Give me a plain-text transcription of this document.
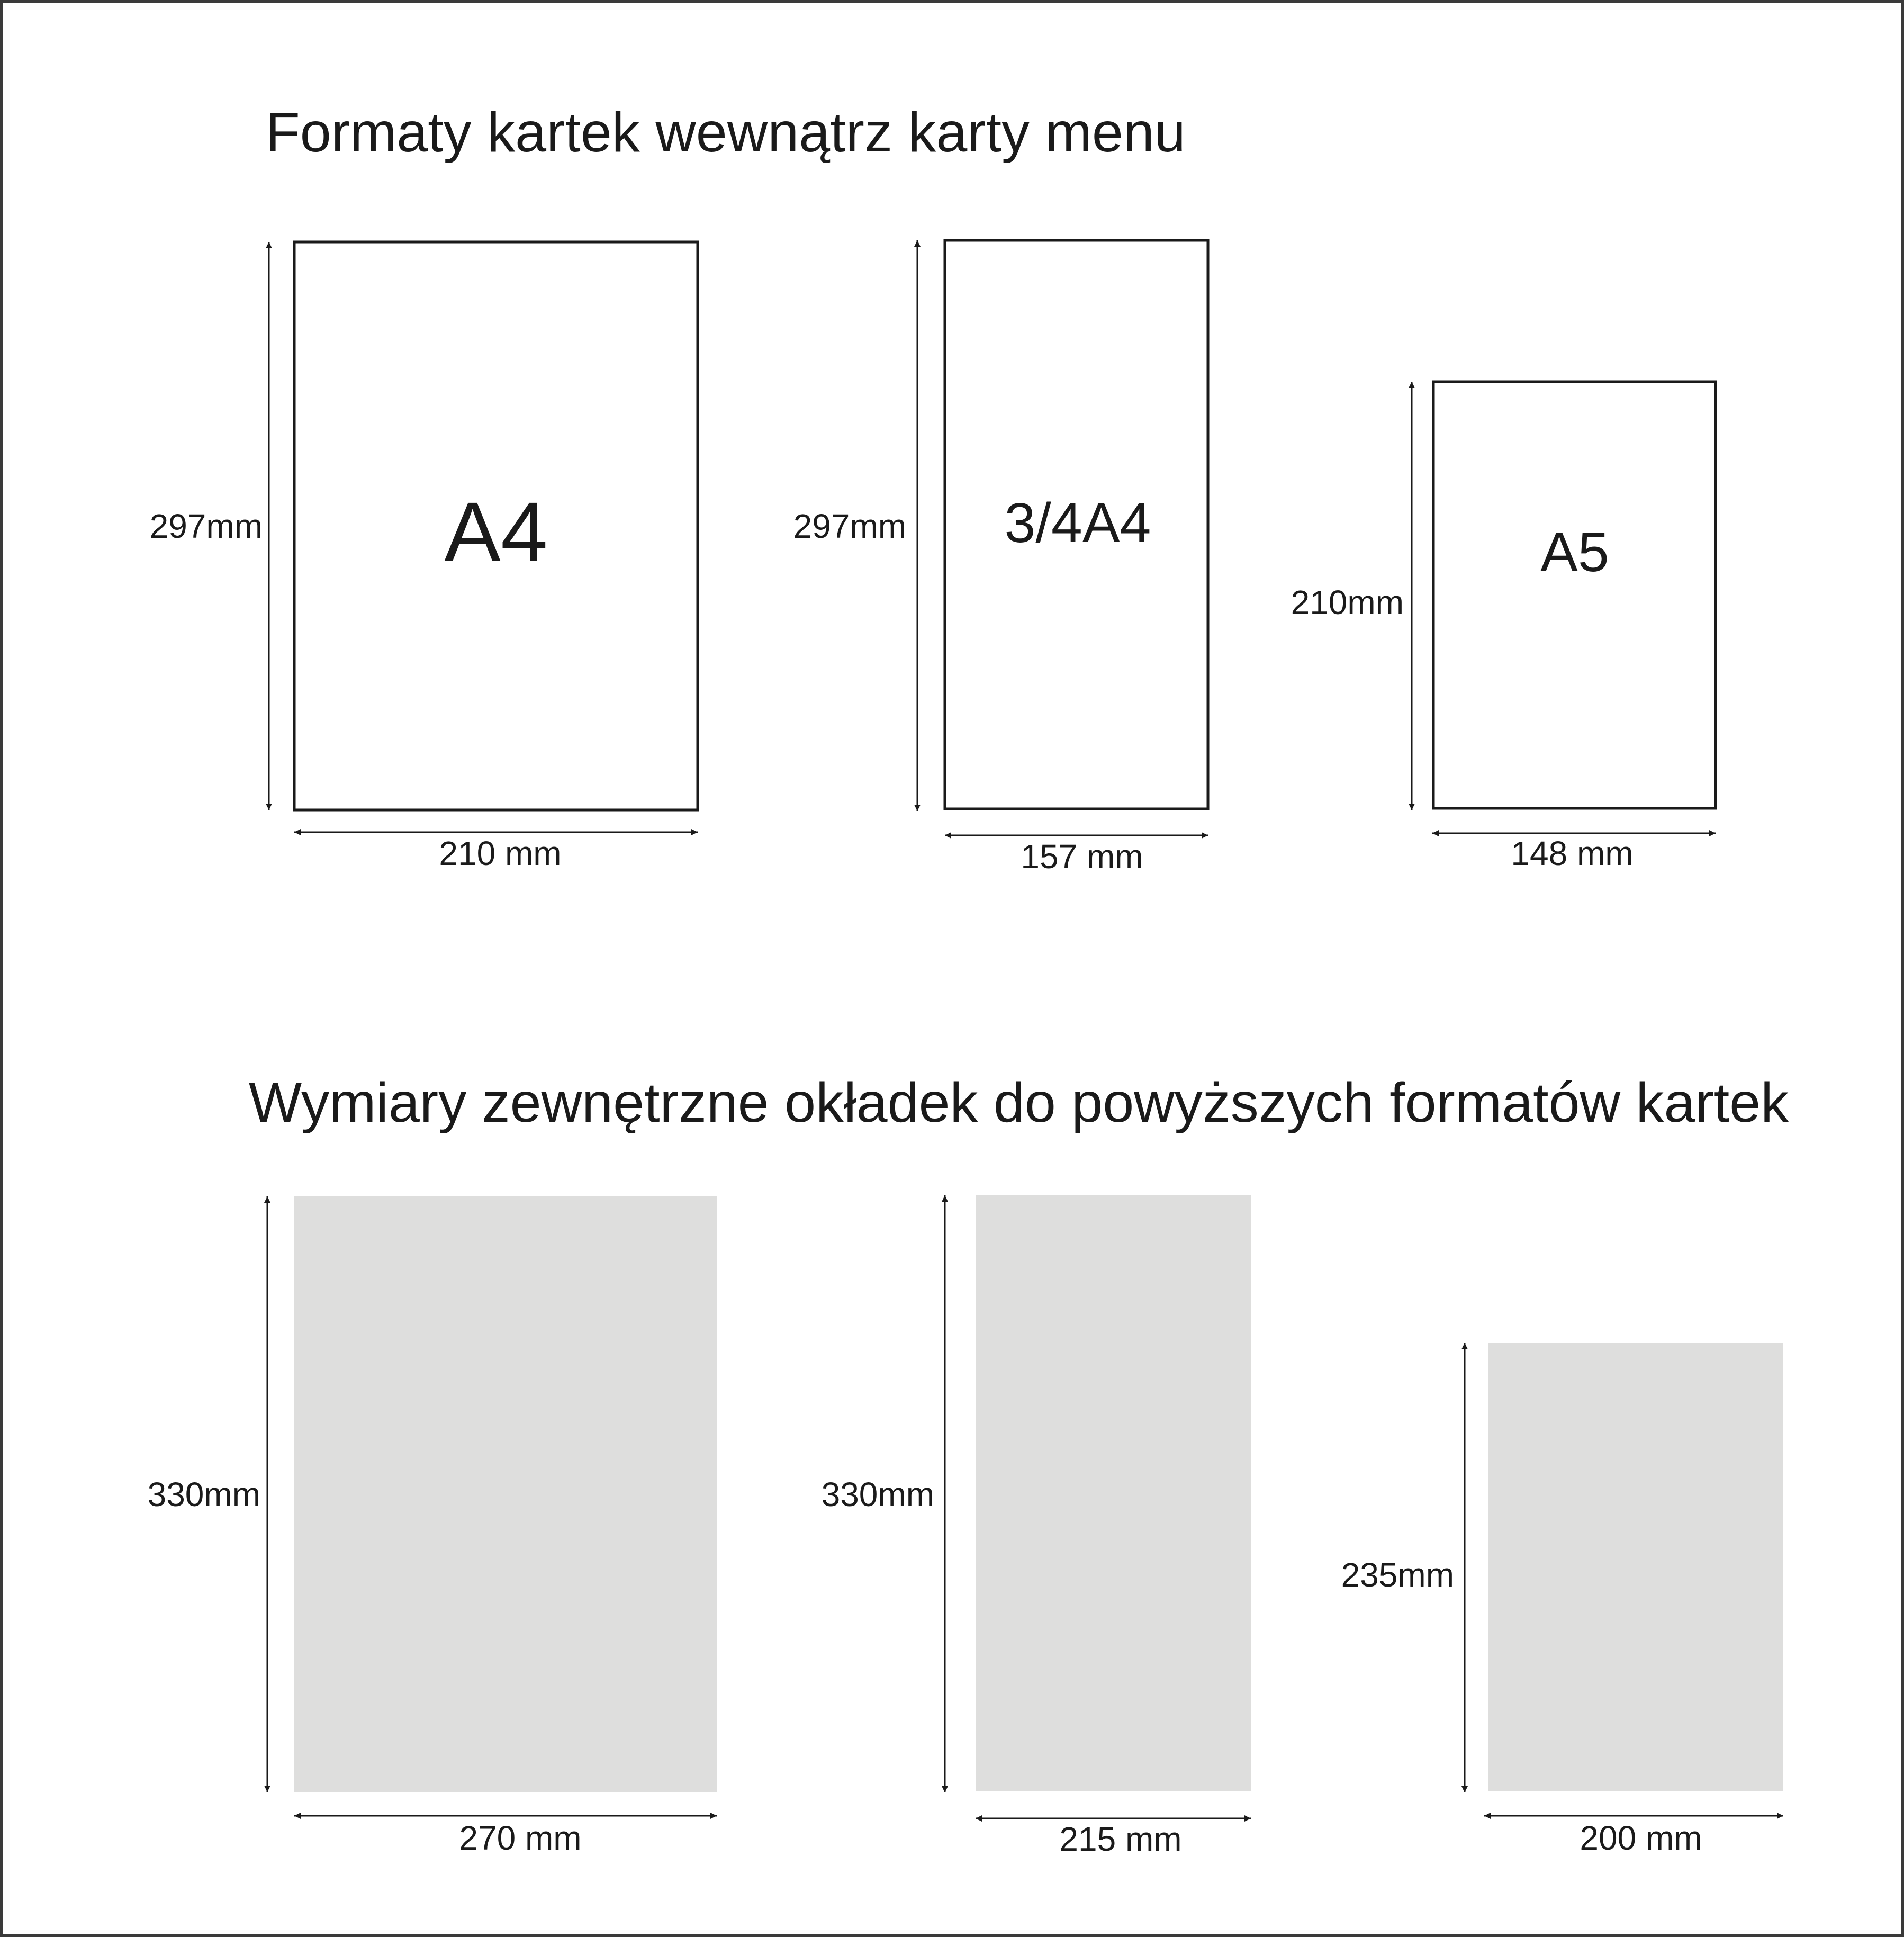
Formaty kartek wewnątrz karty menu
Wymiary zewnętrzne okładek do powyższych formatów kartek
A4
297mm
210 mm
3/4A4
297mm
157 mm
A5
210mm
148 mm
330mm
270 mm
330mm
215 mm
235mm
200 mm
